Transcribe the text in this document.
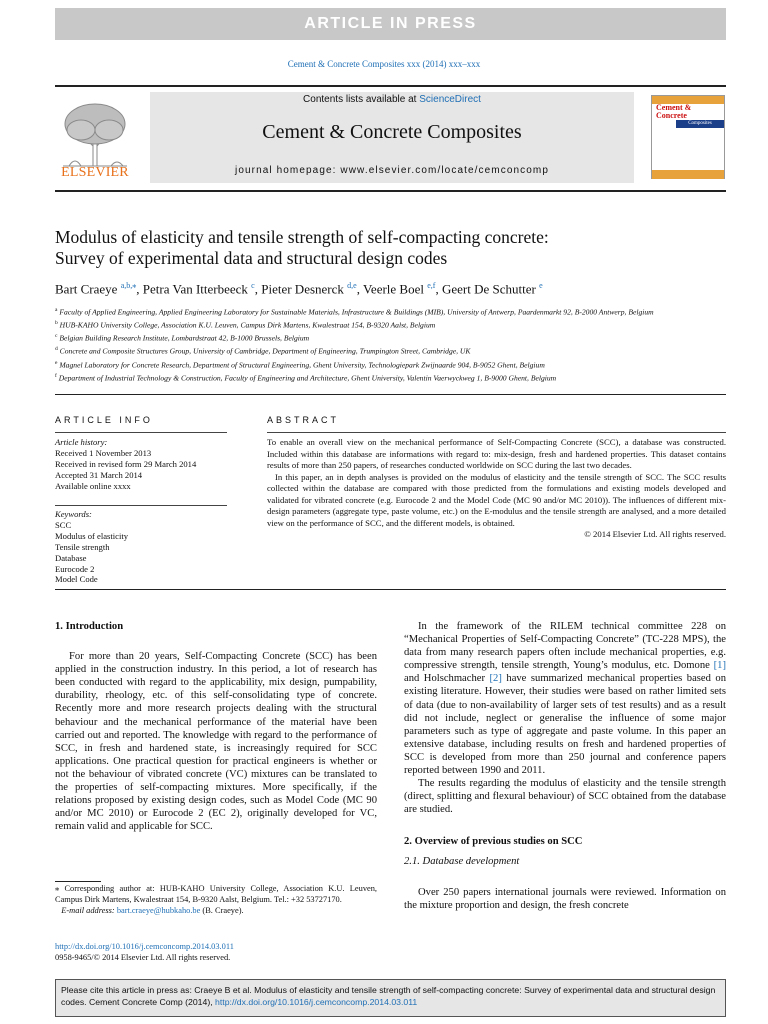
ARTICLE IN PRESS
Cement & Concrete Composites xxx (2014) xxx–xxx
ELSEVIER
Contents lists available at ScienceDirect
Cement & Concrete Composites
journal homepage: www.elsevier.com/locate/cemconcomp
Cement &
Concrete
Composites
Modulus of elasticity and tensile strength of self-compacting concrete:
Survey of experimental data and structural design codes
Bart Craeye $^{a,b,⁎}$, Petra Van Itterbeeck $^c$, Pieter Desnerck $^{d,e}$, Veerle Boel $^{e,f}$, Geert De Schutter $^e$
$^a$ Faculty of Applied Engineering, Applied Engineering Laboratory for Sustainable Materials, Infrastructure & Buildings (MIB), University of Antwerp, Paardenmarkt 92, B-2000 Antwerp, Belgium
$^b$ HUB-KAHO University College, Association K.U. Leuven, Campus Dirk Martens, Kwalestraat 154, B-9320 Aalst, Belgium
$^c$ Belgian Building Research Institute, Lombardstraat 42, B-1000 Brussels, Belgium
$^d$ Concrete and Composite Structures Group, University of Cambridge, Department of Engineering, Trumpington Street, Cambridge, UK
$^e$ Magnel Laboratory for Concrete Research, Department of Structural Engineering, Ghent University, Technologiepark Zwijnaarde 904, B-9052 Ghent, Belgium
$^f$ Department of Industrial Technology & Construction, Faculty of Engineering and Architecture, Ghent University, Valentin Vaerwyckweg 1, B-9000 Ghent, Belgium
ARTICLE INFO	ABSTRACT
Article history:
Received 1 November 2013
Received in revised form 29 March 2014
Accepted 31 March 2014
Available online xxxx
Keywords:
SCC
Modulus of elasticity
Tensile strength
Database
Eurocode 2
Model Code

To enable an overall view on the mechanical performance of Self-Compacting Concrete (SCC), a database was constructed. Included within this database are informations with regard to: mix-design, fresh and hardened properties. This dataset contains results of more than 250 papers, of researches conducted worldwide on SCC during the last two decades.

In this paper, an in depth analyses is provided on the modulus of elasticity and the tensile strength of SCC. The SCC results collected within the database are compared with those predicted from the formulations and existing models developed and validated for vibrated concrete (e.g. Eurocode 2 and the Model Code (MC 90 and/or MC 2010)). The influences of different mix-design parameters (aggregate type, paste volume, etc.) on the E-modulus and the tensile strength are analysed, and a more detailed view on the performance of SCC, and the different models, is obtained.

© 2014 Elsevier Ltd. All rights reserved.

1. Introduction

For more than 20 years, Self-Compacting Concrete (SCC) has been applied in the construction industry. In this period, a lot of research has been conducted with regard to the applicability, mix design, pumpability, durability, rheology, etc. of this self-consolidating type of concrete. Recently more and more research projects dealing with the structural behaviour and the mechanical performance of the material have been carried out and reported. The knowledge with regard to the performance of SCC, in fresh and hardened state, is increasingly required for SCC applications. One practical question for practical engineers is whether or not the behaviour of vibrated concrete (VC) mixtures can be translated to the properties of self-compacting mixtures. More specifically, if the relations proposed by existing design codes, such as Model Code (MC 90 and/or MC 2010) or Eurocode 2 (EC 2), originally developed for VC, remain valid and applicable for SCC.

In the framework of the RILEM technical committee 228 on “Mechanical Properties of Self-Compacting Concrete” (TC-228 MPS), the data from many research papers often include mechanical properties, e.g. compressive strength, tensile strength, Young’s modulus, etc. Domone [1] and Holschmacher [2] have summarized mechanical properties based on existing literature. However, their studies were based on rather limited sets of data (due to non-availability of larger sets of test results) and as a result did not include, neglect or generalise the influence of some major parameters such as type of aggregate and paste volume. In this paper an extensive database, including results on fresh and hardened properties of SCC is developed from more than 250 journal and conference papers reported between 1990 and 2011.

The results regarding the modulus of elasticity and the tensile strength (direct, splitting and flexural behaviour) of SCC obtained from the database are studied.

2. Overview of previous studies on SCC
2.1. Database development

Over 250 papers international journals were reviewed. Information on the mixture proportion and design, the fresh concrete

⁎ Corresponding author at: HUB-KAHO University College, Association K.U. Leuven, Campus Dirk Martens, Kwalestraat 154, B-9320 Aalst, Belgium. Tel.: +32 53727170.
E-mail address: bart.craeye@hubkaho.be (B. Craeye).
http://dx.doi.org/10.1016/j.cemconcomp.2014.03.011
0958-9465/© 2014 Elsevier Ltd. All rights reserved.
Please cite this article in press as: Craeye B et al. Modulus of elasticity and tensile strength of self-compacting concrete: Survey of experimental data and structural design codes. Cement Concrete Comp (2014), http://dx.doi.org/10.1016/j.cemconcomp.2014.03.011
